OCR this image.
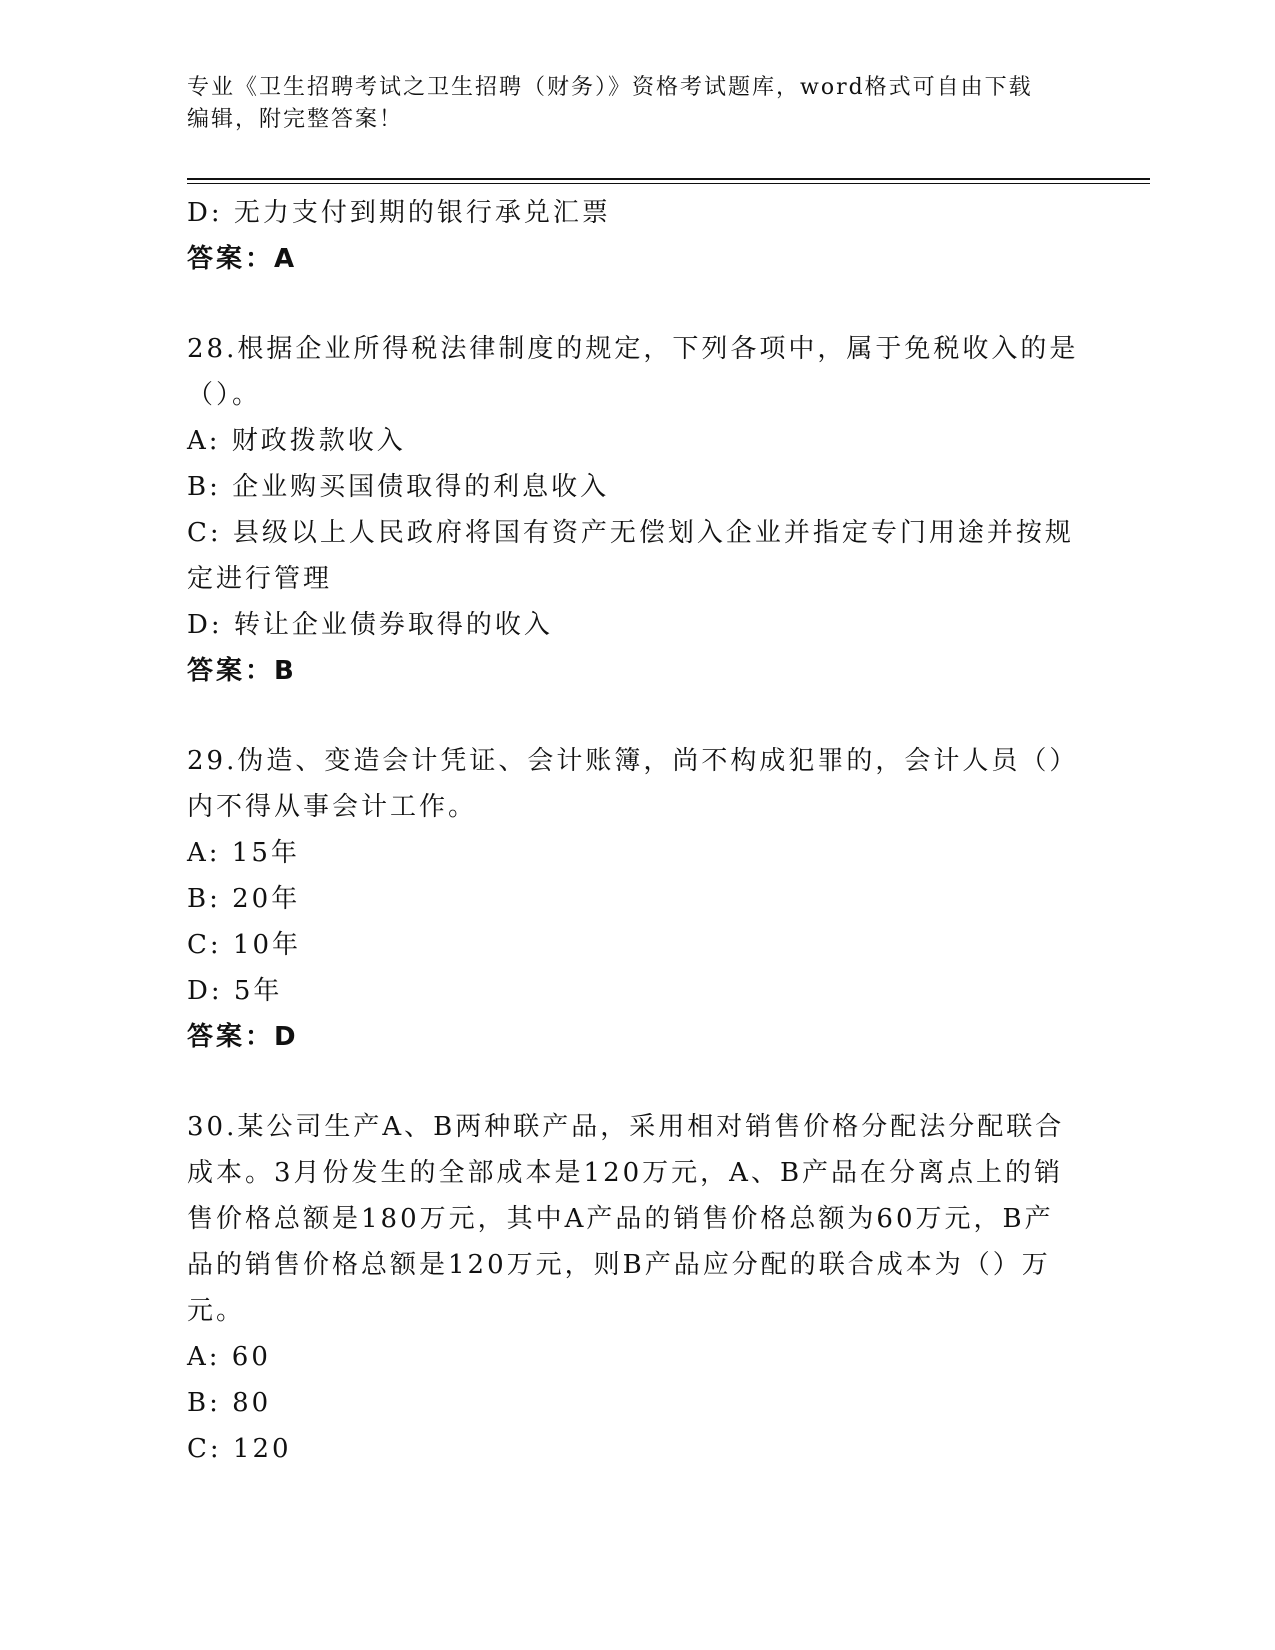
专业《卫生招聘考试之卫生招聘（财务）》资格考试题库，word格式可自由下载
编辑，附完整答案！
D: 无力支付到期的银行承兑汇票
答案：A
28.根据企业所得税法律制度的规定，下列各项中，属于免税收入的是
（）。
A: 财政拨款收入
B: 企业购买国债取得的利息收入
C: 县级以上人民政府将国有资产无偿划入企业并指定专门用途并按规
定进行管理
D: 转让企业债券取得的收入
答案：B
29.伪造、变造会计凭证、会计账簿，尚不构成犯罪的，会计人员（）
内不得从事会计工作。
A: 15年
B: 20年
C: 10年
D: 5年
答案：D
30.某公司生产A、B两种联产品，采用相对销售价格分配法分配联合
成本。3月份发生的全部成本是120万元，A、B产品在分离点上的销
售价格总额是180万元，其中A产品的销售价格总额为60万元，B产
品的销售价格总额是120万元，则B产品应分配的联合成本为（）万
元。
A: 60
B: 80
C: 120
